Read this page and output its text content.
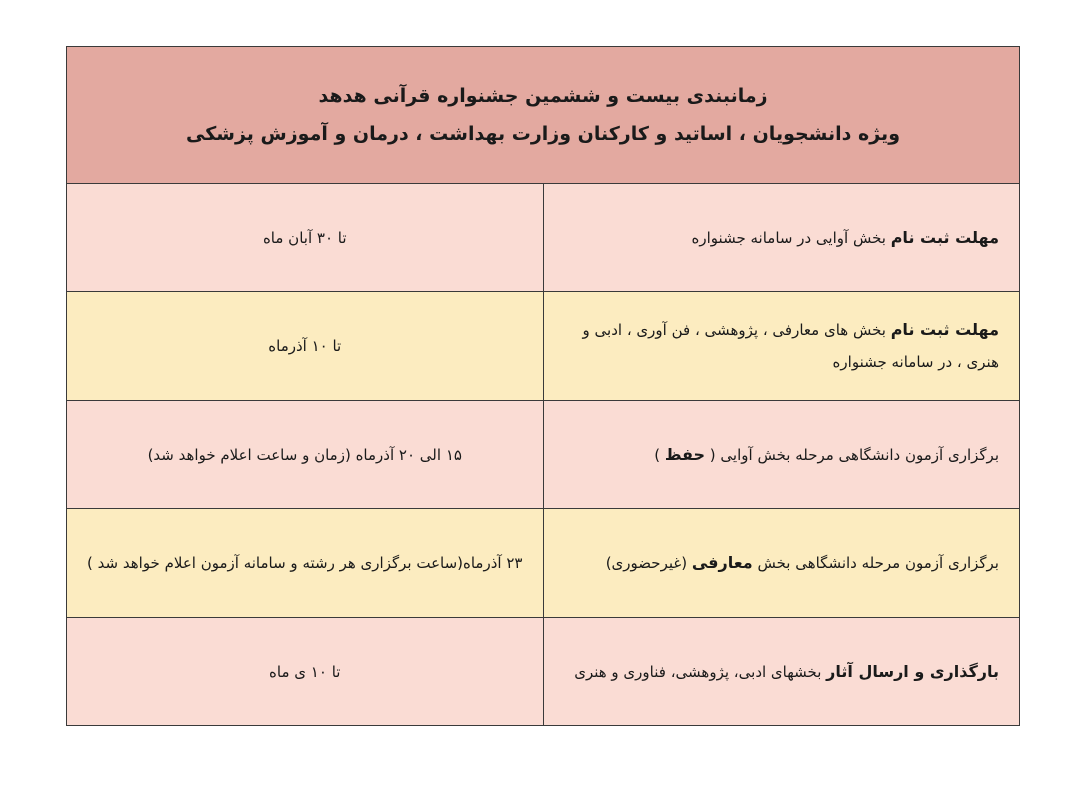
زمانبندی بیست و ششمین جشنواره قرآنی هدهد
ویژه دانشجویان ، اساتید و کارکنان وزارت بهداشت ، درمان و آموزش پزشکی	

مهلت ثبت نام بخش آوایی در سامانه جشنواره	تا ۳۰ آبان ماه
مهلت ثبت نام بخش های معارفی ، پژوهشی ، فن آوری ، ادبی و هنری ، در سامانه جشنواره	تا ۱۰ آذرماه
برگزاری آزمون دانشگاهی مرحله بخش آوایی ( حفظ )	۱۵ الی ۲۰ آذرماه (زمان و ساعت اعلام خواهد شد)
برگزاری آزمون مرحله دانشگاهی بخش معارفی (غیرحضوری)	۲۳ آذرماه(ساعت برگزاری هر رشته و سامانه آزمون اعلام خواهد شد )
بارگذاری و ارسال آثار بخشهای ادبی، پژوهشی، فناوری و هنری	تا ۱۰ ی ماه
